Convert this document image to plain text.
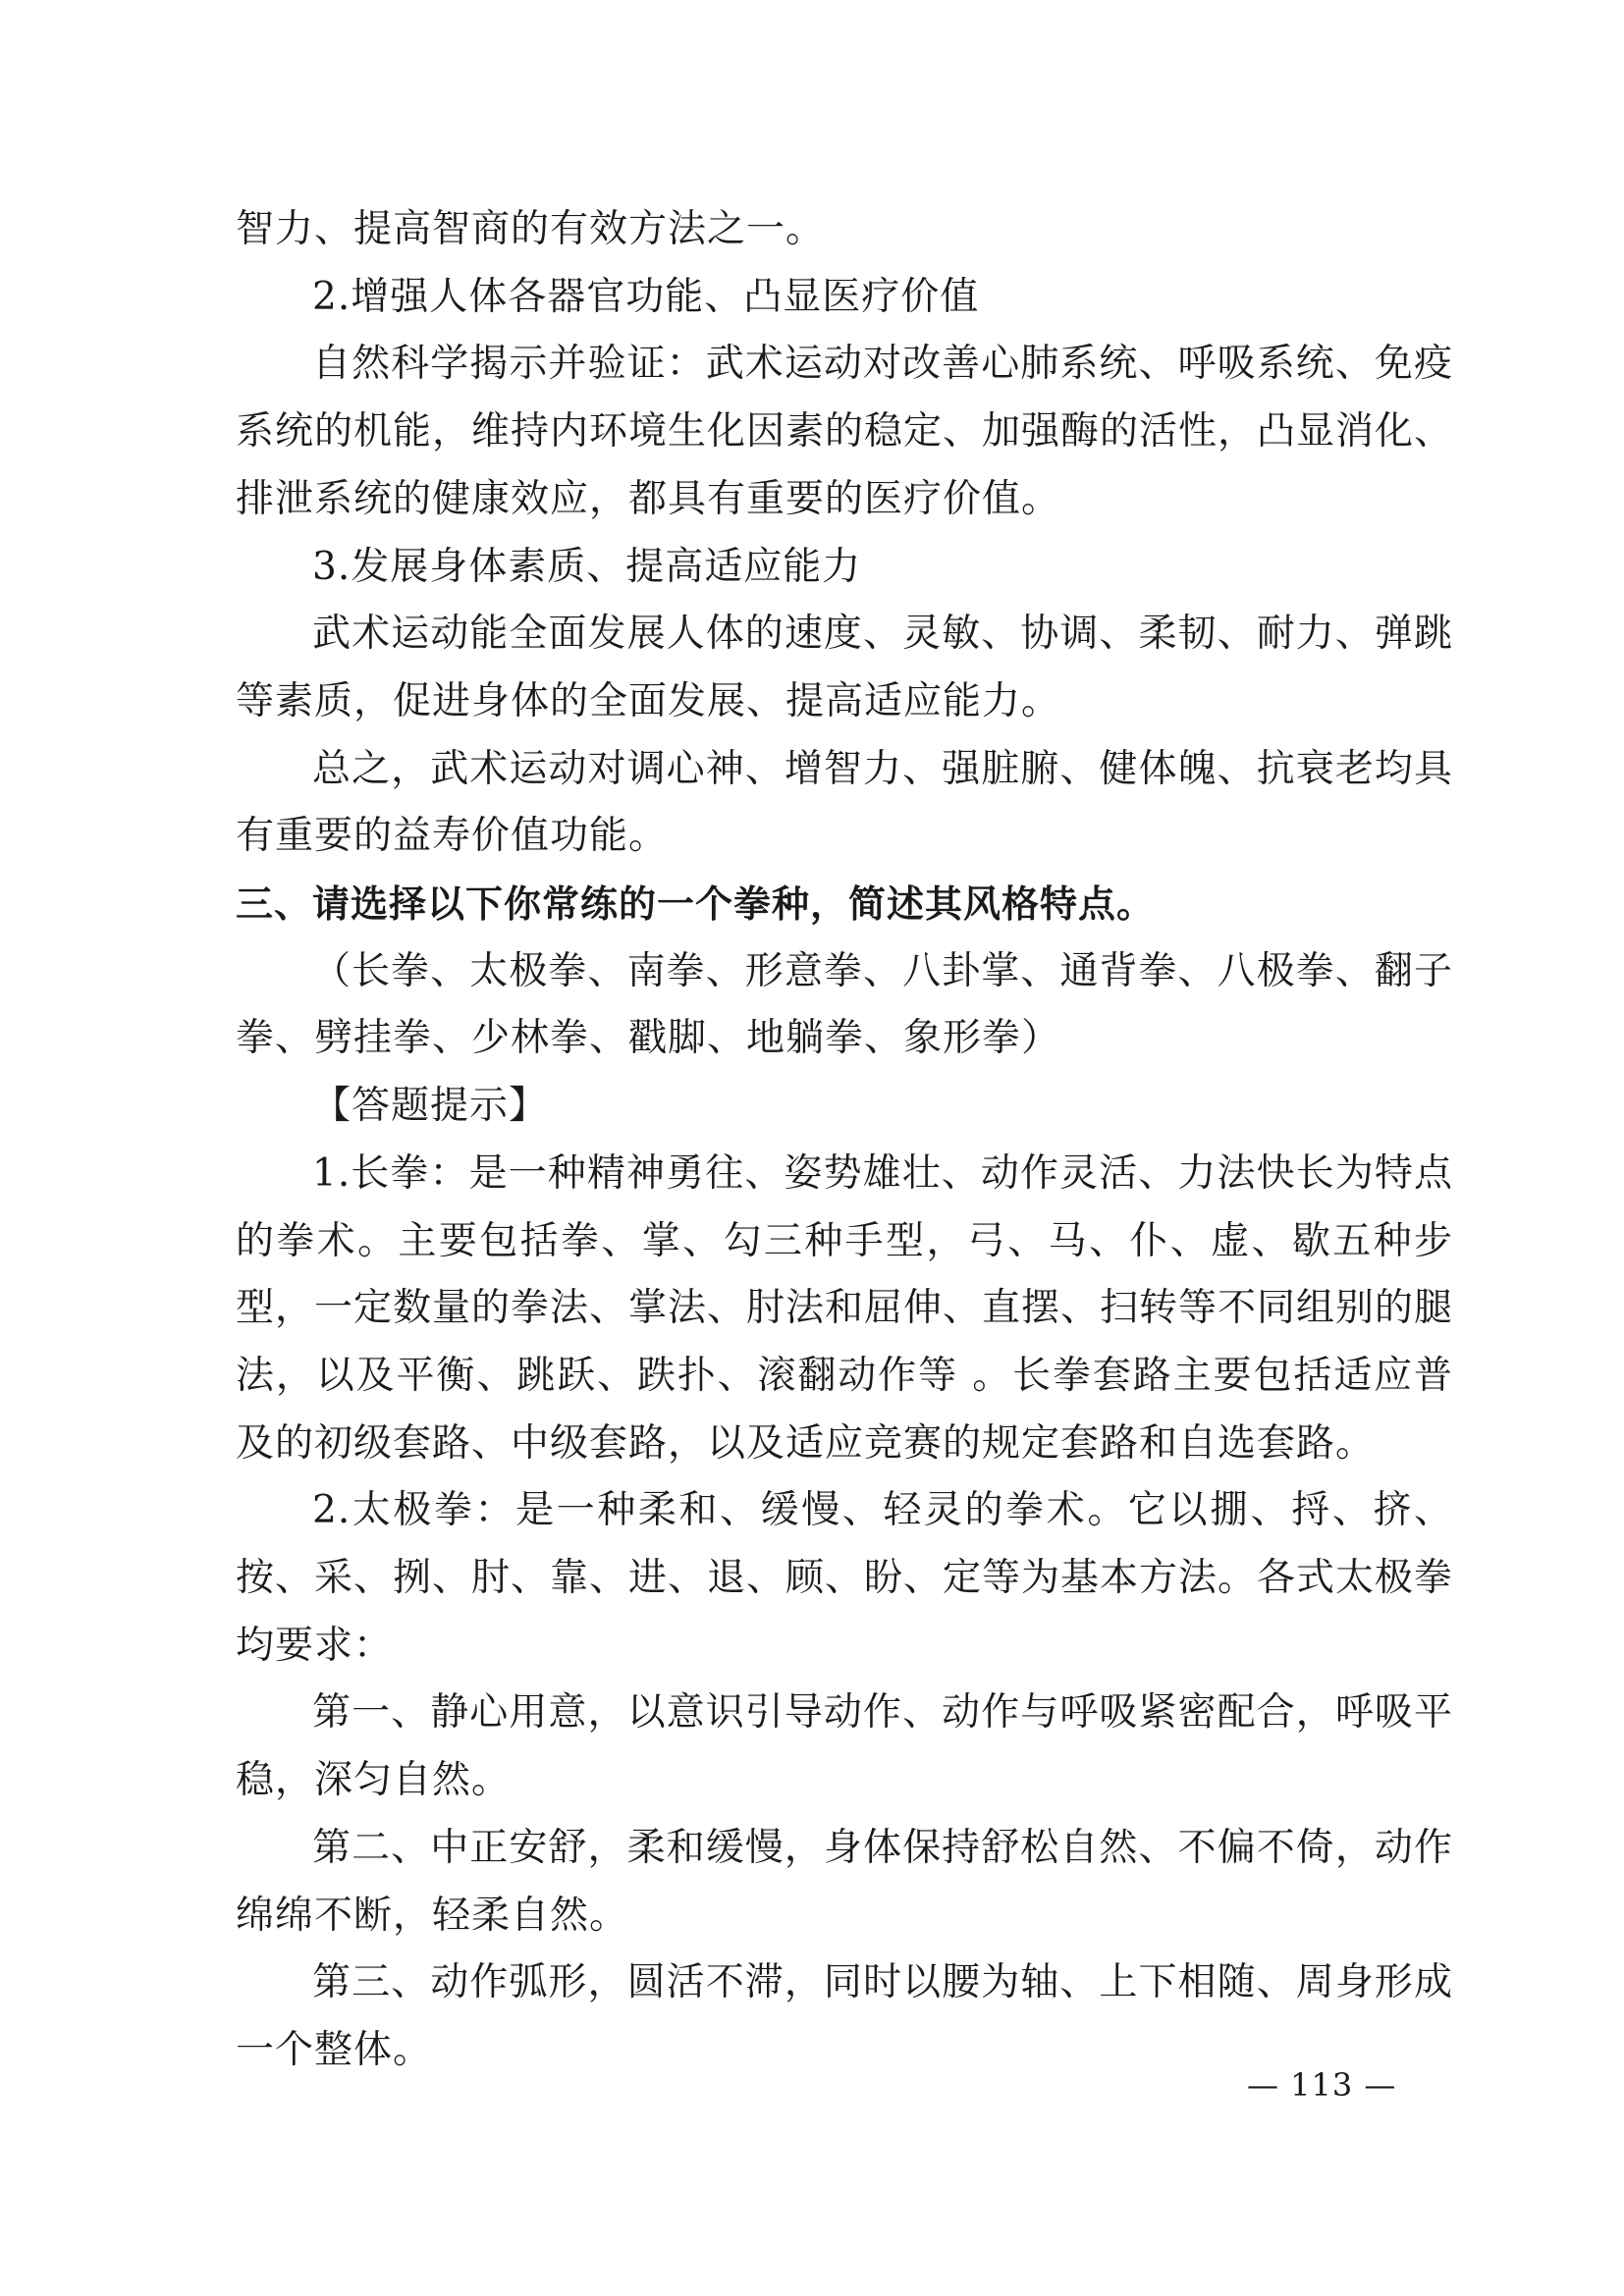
智力、提高智商的有效方法之一。

2.增强人体各器官功能、凸显医疗价值

自然科学揭示并验证：武术运动对改善心肺系统、呼吸系统、免疫系统的机能，维持内环境生化因素的稳定、加强酶的活性，凸显消化、排泄系统的健康效应，都具有重要的医疗价值。

3.发展身体素质、提高适应能力

武术运动能全面发展人体的速度、灵敏、协调、柔韧、耐力、弹跳等素质，促进身体的全面发展、提高适应能力。

总之，武术运动对调心神、增智力、强脏腑、健体魄、抗衰老均具有重要的益寿价值功能。

三、请选择以下你常练的一个拳种，简述其风格特点。

（长拳、太极拳、南拳、形意拳、八卦掌、通背拳、八极拳、翻子拳、劈挂拳、少林拳、戳脚、地躺拳、象形拳）

【答题提示】

1.长拳：是一种精神勇往、姿势雄壮、动作灵活、力法快长为特点的拳术。主要包括拳、掌、勾三种手型，弓、马、仆、虚、歇五种步型，一定数量的拳法、掌法、肘法和屈伸、直摆、扫转等不同组别的腿法，以及平衡、跳跃、跌扑、滚翻动作等 。长拳套路主要包括适应普及的初级套路、中级套路，以及适应竞赛的规定套路和自选套路。

2.太极拳：是一种柔和、缓慢、轻灵的拳术。它以掤、捋、挤、按、采、挒、肘、靠、进、退、顾、盼、定等为基本方法。各式太极拳均要求：

第一、静心用意，以意识引导动作、动作与呼吸紧密配合，呼吸平稳，深匀自然。

第二、中正安舒，柔和缓慢，身体保持舒松自然、不偏不倚，动作绵绵不断，轻柔自然。

第三、动作弧形，圆活不滞，同时以腰为轴、上下相随、周身形成一个整体。

— 113 —
